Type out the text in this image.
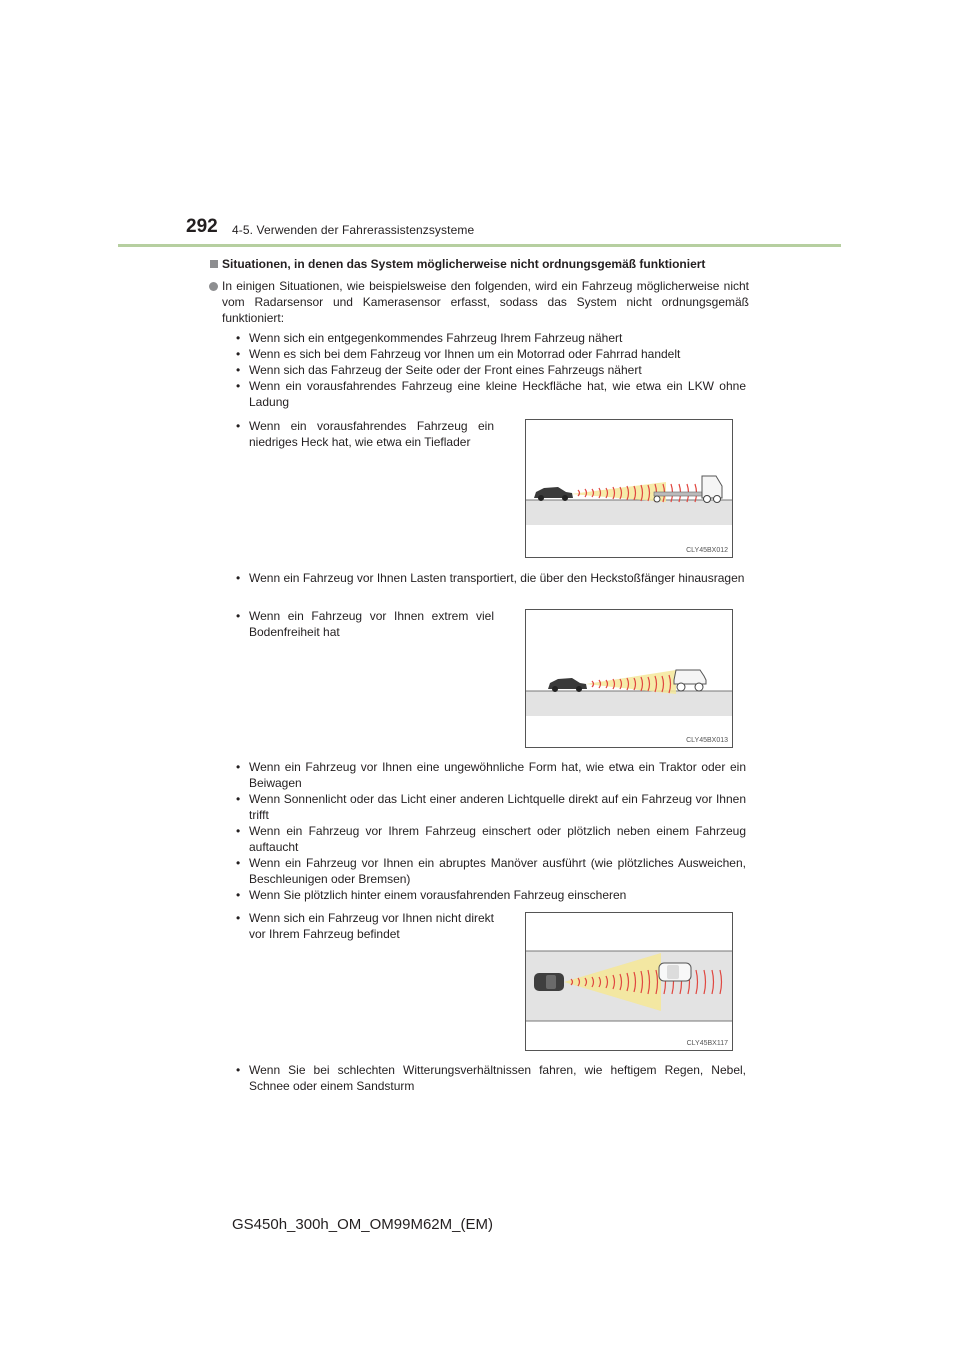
292 4-5. Verwenden der Fahrerassistenzsysteme
Situationen, in denen das System möglicherweise nicht ordnungsgemäß funktioniert
In einigen Situationen, wie beispielsweise den folgenden, wird ein Fahrzeug möglicherweise nicht vom Radarsensor und Kamerasensor erfasst, sodass das System nicht ordnungsgemäß funktioniert:
• Wenn sich ein entgegenkommendes Fahrzeug Ihrem Fahrzeug nähert
• Wenn es sich bei dem Fahrzeug vor Ihnen um ein Motorrad oder Fahrrad handelt
• Wenn sich das Fahrzeug der Seite oder der Front eines Fahrzeugs nähert
• Wenn ein vorausfahrendes Fahrzeug eine kleine Heckfläche hat, wie etwa ein LKW ohne Ladung
• Wenn ein vorausfahrendes Fahrzeug ein niedriges Heck hat, wie etwa ein Tieflader
CLY45BX012
• Wenn ein Fahrzeug vor Ihnen Lasten transportiert, die über den Heckstoßfänger hinausragen
• Wenn ein Fahrzeug vor Ihnen extrem viel Bodenfreiheit hat
CLY45BX013
• Wenn ein Fahrzeug vor Ihnen eine ungewöhnliche Form hat, wie etwa ein Traktor oder ein Beiwagen
• Wenn Sonnenlicht oder das Licht einer anderen Lichtquelle direkt auf ein Fahrzeug vor Ihnen trifft
• Wenn ein Fahrzeug vor Ihrem Fahrzeug einschert oder plötzlich neben einem Fahrzeug auftaucht
• Wenn ein Fahrzeug vor Ihnen ein abruptes Manöver ausführt (wie plötzliches Ausweichen, Beschleunigen oder Bremsen)
• Wenn Sie plötzlich hinter einem vorausfahrenden Fahrzeug einscheren
• Wenn sich ein Fahrzeug vor Ihnen nicht direkt vor Ihrem Fahrzeug befindet
CLY45BX117
• Wenn Sie bei schlechten Witterungsverhältnissen fahren, wie heftigem Regen, Nebel, Schnee oder einem Sandsturm
GS450h_300h_OM_OM99M62M_(EM)
